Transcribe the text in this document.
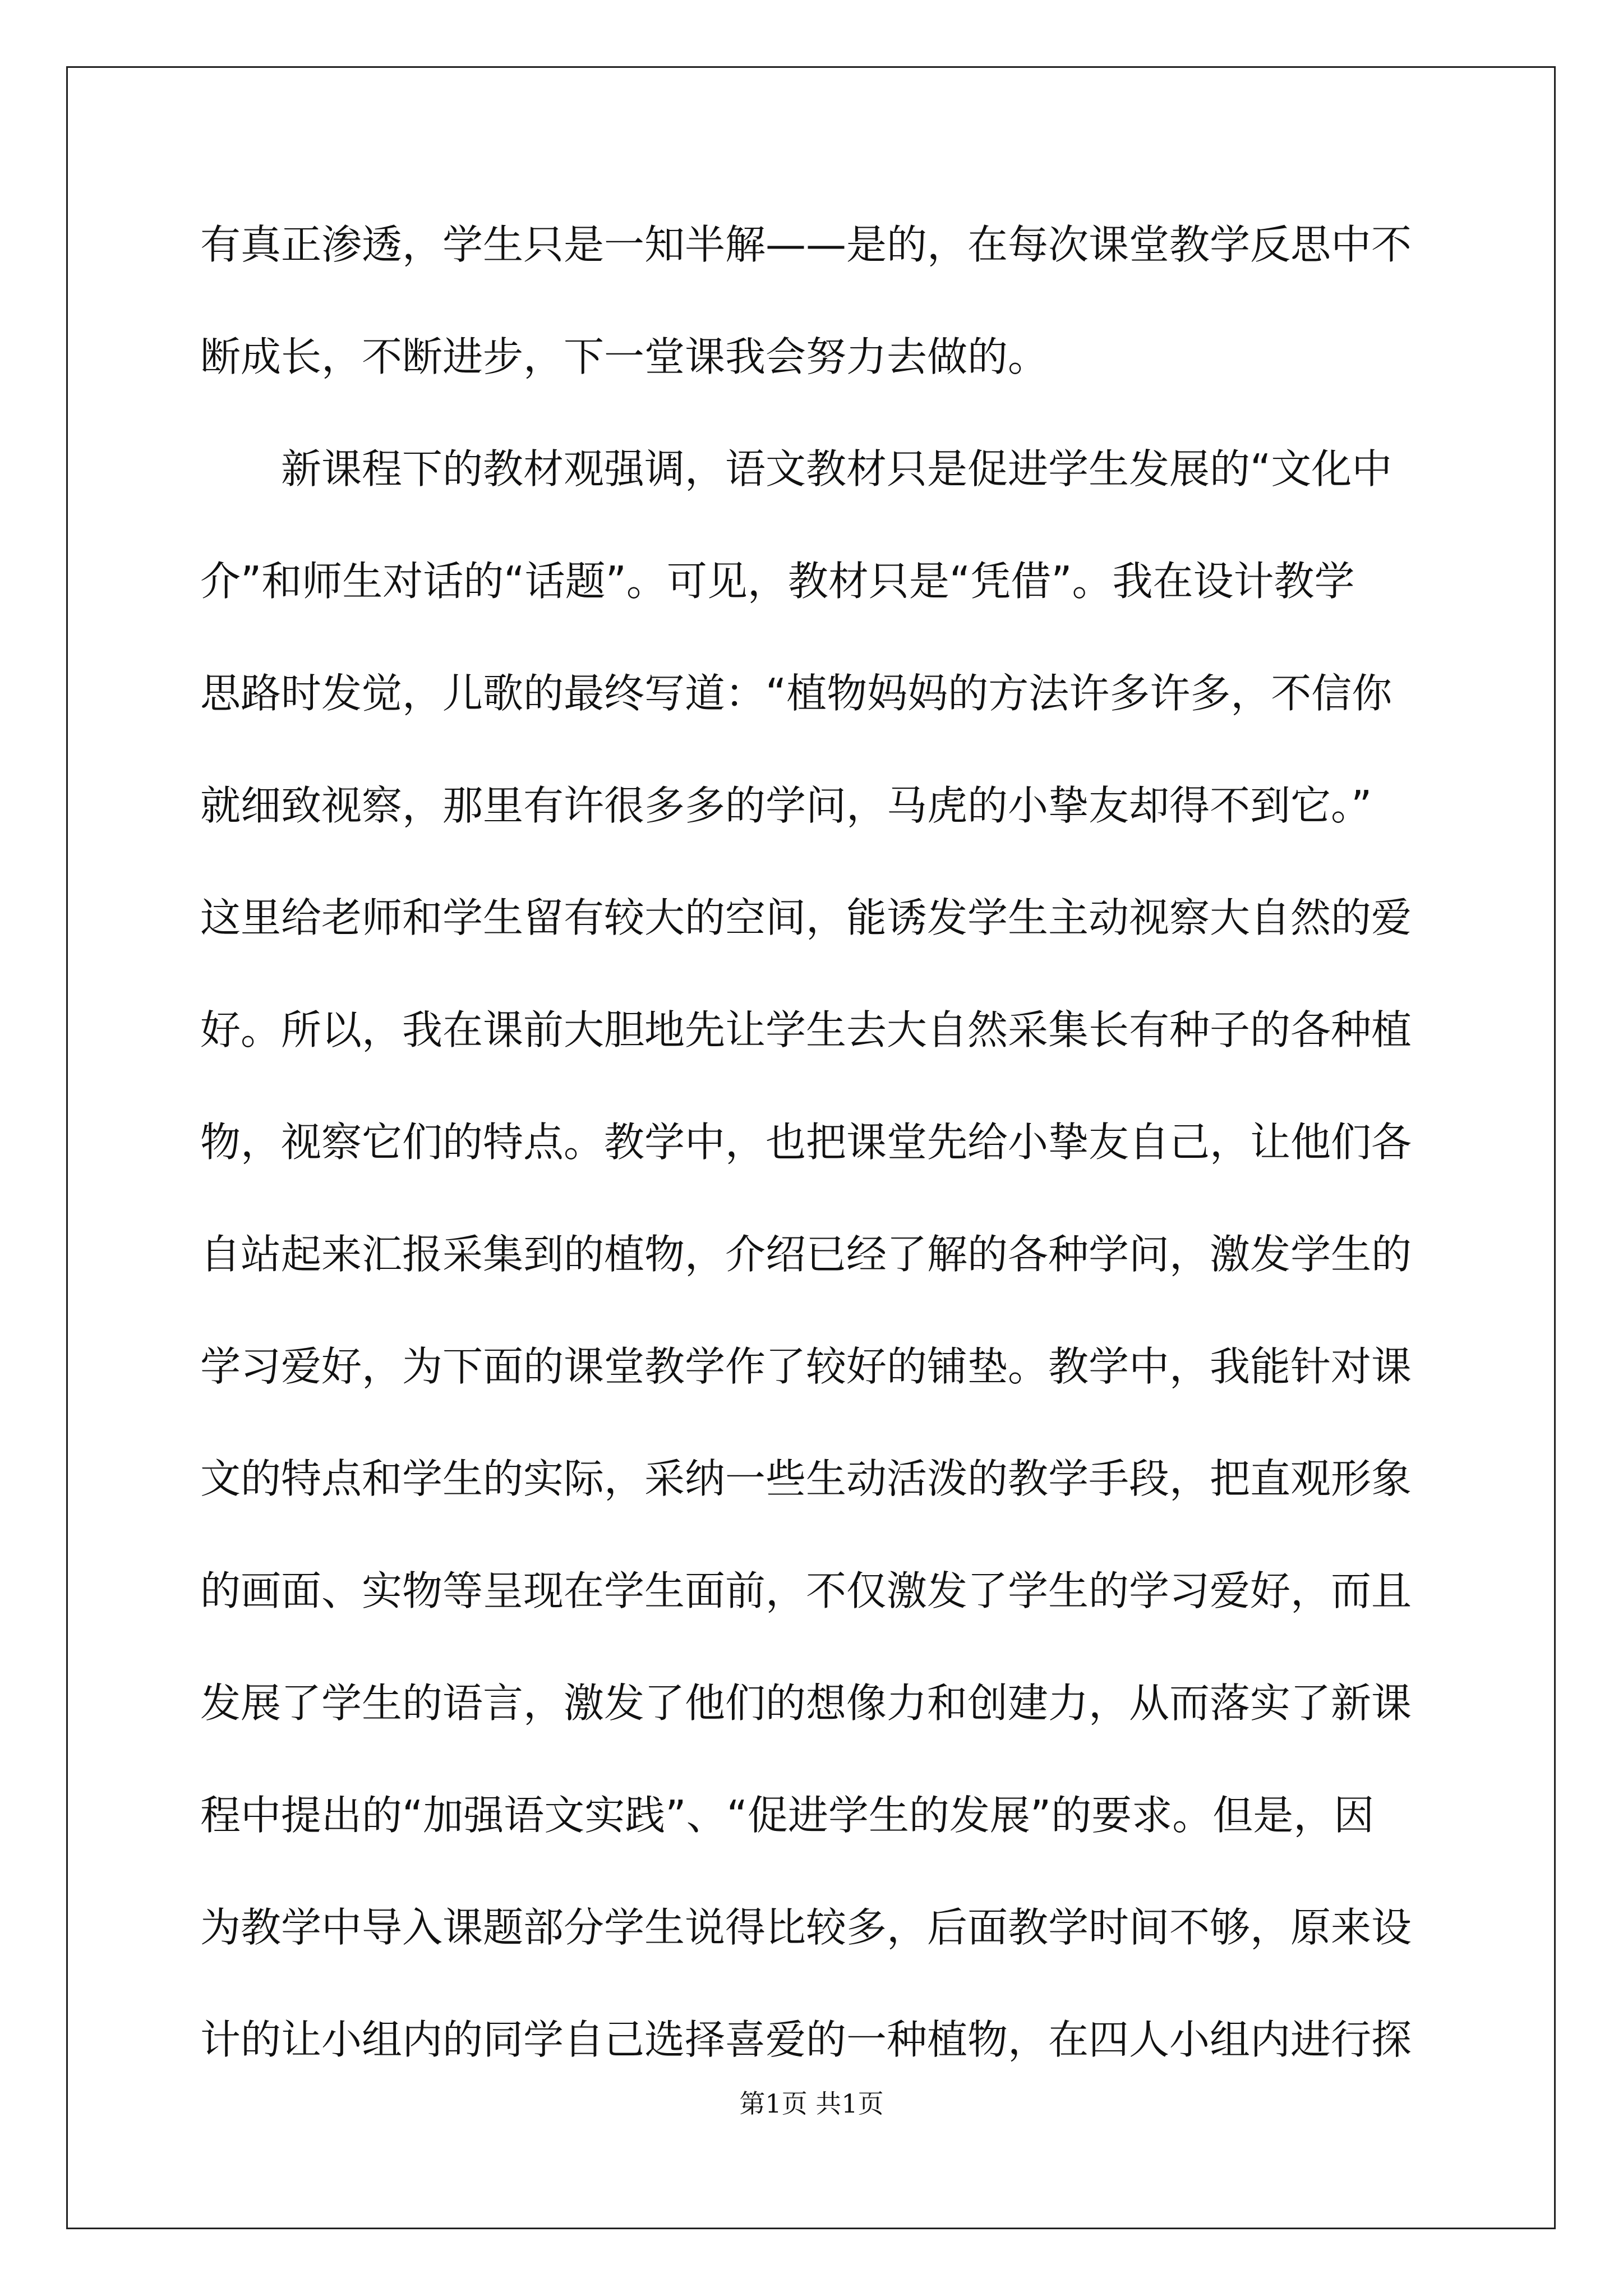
有真正渗透，学生只是一知半解——是的，在每次课堂教学反思中不
断成长，不断进步，下一堂课我会努力去做的。
新课程下的教材观强调，语文教材只是促进学生发展的“文化中
介”和师生对话的“话题”。可见，教材只是“凭借”。我在设计教学
思路时发觉，儿歌的最终写道：“植物妈妈的方法许多许多，不信你
就细致视察，那里有许很多多的学问，马虎的小挚友却得不到它。”
这里给老师和学生留有较大的空间，能诱发学生主动视察大自然的爱
好。所以，我在课前大胆地先让学生去大自然采集长有种子的各种植
物，视察它们的特点。教学中，也把课堂先给小挚友自己，让他们各
自站起来汇报采集到的植物，介绍已经了解的各种学问，激发学生的
学习爱好，为下面的课堂教学作了较好的铺垫。教学中，我能针对课
文的特点和学生的实际，采纳一些生动活泼的教学手段，把直观形象
的画面、实物等呈现在学生面前，不仅激发了学生的学习爱好，而且
发展了学生的语言，激发了他们的想像力和创建力，从而落实了新课
程中提出的“加强语文实践”、“促进学生的发展”的要求。但是，因
为教学中导入课题部分学生说得比较多，后面教学时间不够，原来设
计的让小组内的同学自己选择喜爱的一种植物，在四人小组内进行探
第1页 共1页
